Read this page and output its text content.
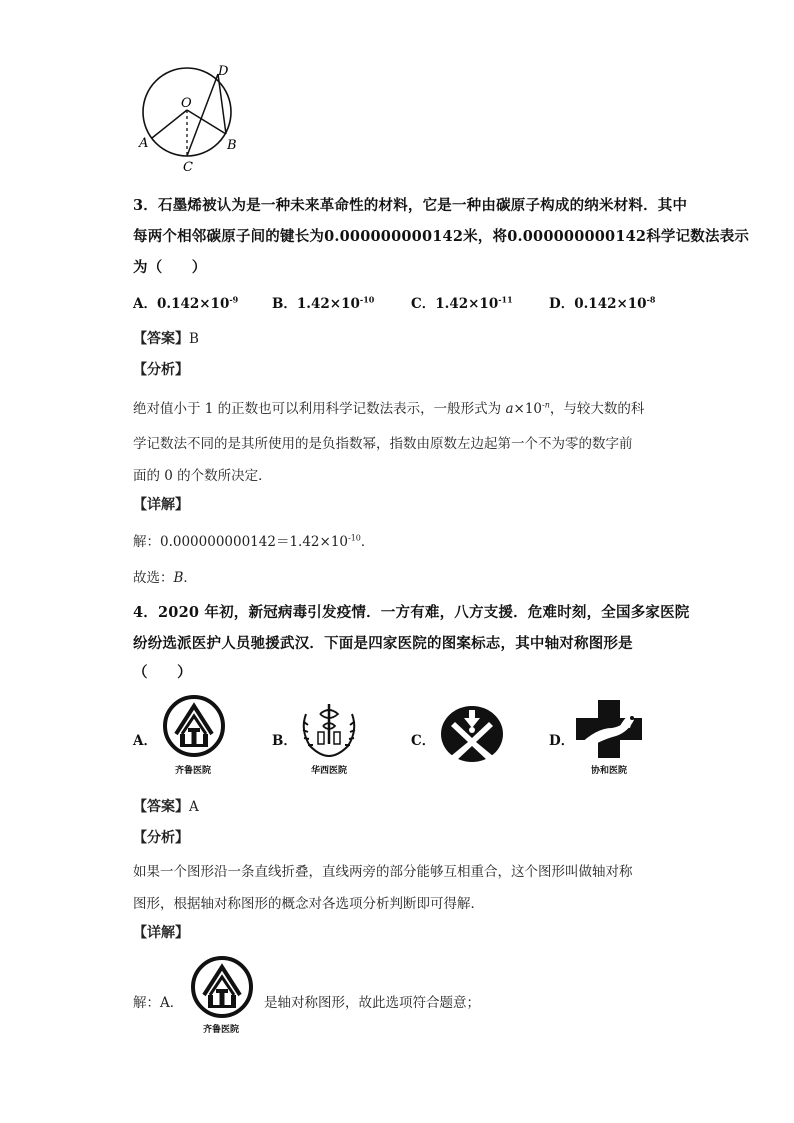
D
O
A	B
C
3．石墨烯被认为是一种未来革命性的材料，它是一种由碳原子构成的纳米材料．其中
每两个相邻碳原子间的键长为0.000000000142米，将0.000000000142科学记数法表示
为（　　）
A．$0.142\times 10^{-9}$	B．$1.42\times 10^{-10}$	C．$1.42\times 10^{-11}$	D．$0.142\times 10^{-8}$
【答案】B
【分析】
绝对值小于 1 的正数也可以利用科学记数法表示，一般形式为 $a\times 10^{-n}$，与较大数的科
学记数法不同的是其所使用的是负指数幂，指数由原数左边起第一个不为零的数字前
面的 0 的个数所决定．
【详解】
解：$0.000000000142=1.42\times 10^{-10}$．
故选：B．
4．2020 年初，新冠病毒引发疫情．一方有难，八方支援．危难时刻，全国多家医院
纷纷选派医护人员驰援武汉．下面是四家医院的图案标志，其中轴对称图形是
（　　）
A．
齐鲁医院
B．
华西医院
C．	D．
协和医院
【答案】A
【分析】
如果一个图形沿一条直线折叠，直线两旁的部分能够互相重合，这个图形叫做轴对称
图形，根据轴对称图形的概念对各选项分析判断即可得解．
【详解】
解：A．
齐鲁医院
是轴对称图形，故此选项符合题意；
